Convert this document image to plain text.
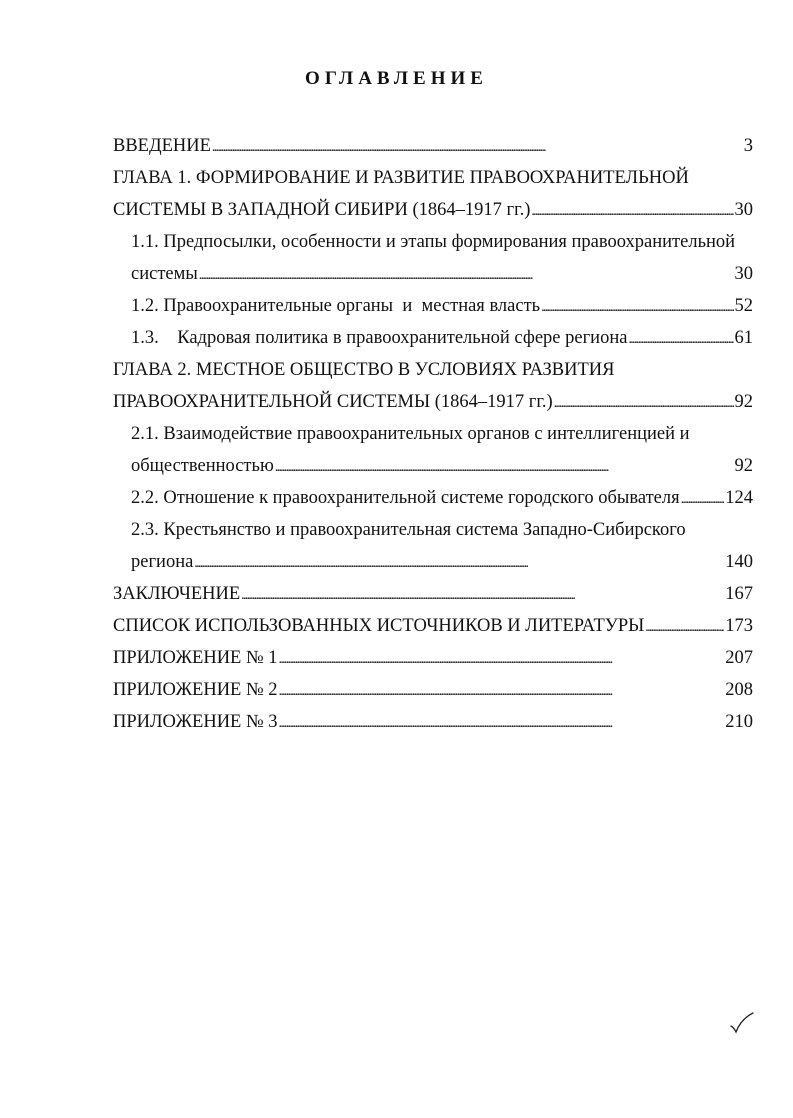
ОГЛАВЛЕНИЕ
ВВЕДЕНИЕ . . .	3
ГЛАВА 1. ФОРМИРОВАНИЕ И РАЗВИТИЕ ПРАВООХРАНИТЕЛЬНОЙ
СИСТЕМЫ В ЗАПАДНОЙ СИБИРИ (1864–1917 гг.) . . .	30
1.1. Предпосылки, особенности и этапы формирования правоохранительной
системы . . .	30
1.2. Правоохранительные органы  и  местная власть . . .	52
1.3.    Кадровая политика в правоохранительной сфере региона . . .	61
ГЛАВА 2. МЕСТНОЕ ОБЩЕСТВО В УСЛОВИЯХ РАЗВИТИЯ
ПРАВООХРАНИТЕЛЬНОЙ СИСТЕМЫ (1864–1917 гг.) . . .	92
2.1. Взаимодействие правоохранительных органов с интеллигенцией и
общественностью . . .	92
2.2. Отношение к правоохранительной системе городского обывателя . . . 124
2.3. Крестьянство и правоохранительная система Западно-Сибирского
региона . . .	140
ЗАКЛЮЧЕНИЕ . . .	167
СПИСОК ИСПОЛЬЗОВАННЫХ ИСТОЧНИКОВ И ЛИТЕРАТУРЫ . . .	173
ПРИЛОЖЕНИЕ № 1 . . .	207
ПРИЛОЖЕНИЕ № 2 . . .	208
ПРИЛОЖЕНИЕ № 3 . . .	210
